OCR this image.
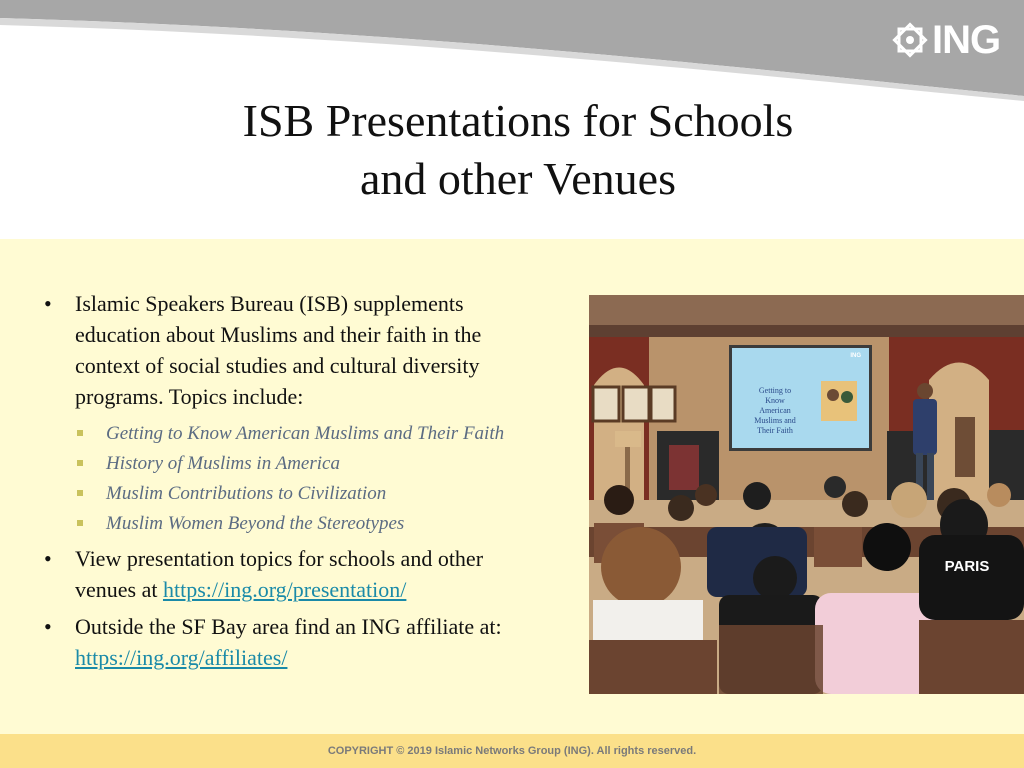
ING
ISB Presentations for Schools
and other Venues
• Islamic Speakers Bureau (ISB) supplements education about Muslims and their faith in the context of social studies and cultural diversity programs. Topics include:
Getting to Know American Muslims and Their Faith
History of Muslims in America
Muslim Contributions to Civilization
Muslim Women Beyond the Stereotypes
• View presentation topics for schools and other venues at https://ing.org/presentation/
• Outside the SF Bay area find an ING affiliate at: https://ing.org/affiliates/
Getting to Know American Muslims and Their Faith
ING
PARIS
COPYRIGHT © 2019 Islamic Networks Group (ING). All rights reserved.
